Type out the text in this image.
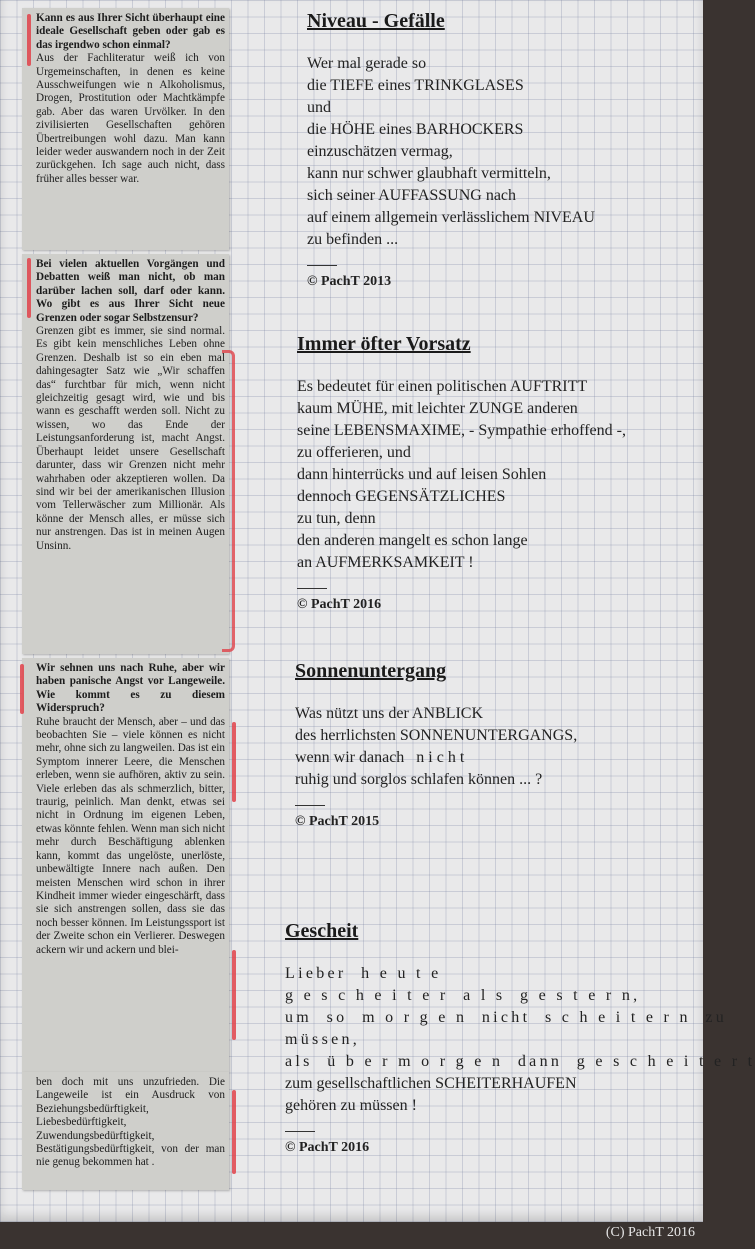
Kann es aus Ihrer Sicht überhaupt eine ideale Gesellschaft geben oder gab es das irgendwo schon einmal?

Aus der Fachliteratur weiß ich von Urgemeinschaften, in denen es keine Ausschweifungen wie n Alkoholismus, Drogen, Prostitution oder Machtkämpfe gab. Aber das waren Urvölker. In den zivilisierten Gesellschaften gehören Übertreibungen wohl dazu. Man kann leider weder auswandern noch in der Zeit zurückgehen. Ich sage auch nicht, dass früher alles besser war.

Bei vielen aktuellen Vorgängen und Debatten weiß man nicht, ob man darüber lachen soll, darf oder kann. Wo gibt es aus Ihrer Sicht neue Grenzen oder sogar Selbstzensur?

Grenzen gibt es immer, sie sind normal. Es gibt kein menschliches Leben ohne Grenzen. Deshalb ist so ein eben mal dahingesagter Satz wie „Wir schaffen das“ furchtbar für mich, wenn nicht gleichzeitig gesagt wird, wie und bis wann es geschafft werden soll. Nicht zu wissen, wo das Ende der Leistungsanforderung ist, macht Angst. Überhaupt leidet unsere Gesellschaft darunter, dass wir Grenzen nicht mehr wahrhaben oder akzeptieren wollen. Da sind wir bei der amerikanischen Illusion vom Tellerwäscher zum Millionär. Als könne der Mensch alles, er müsse sich nur anstrengen. Das ist in meinen Augen Unsinn.

Wir sehnen uns nach Ruhe, aber wir haben panische Angst vor Langeweile. Wie kommt es zu diesem Widerspruch?

Ruhe braucht der Mensch, aber – und das beobachten Sie – viele können es nicht mehr, ohne sich zu langweilen. Das ist ein Symptom innerer Leere, die Menschen erleben, wenn sie aufhören, aktiv zu sein. Viele erleben das als schmerzlich, bitter, traurig, peinlich. Man denkt, etwas sei nicht in Ordnung im eigenen Leben, etwas könnte fehlen. Wenn man sich nicht mehr durch Beschäftigung ablenken kann, kommt das ungelöste, unerlöste, unbewältigte Innere nach außen. Den meisten Menschen wird schon in ihrer Kindheit immer wieder eingeschärft, dass sie sich anstrengen sollen, dass sie das noch besser können. Im Leistungssport ist der Zweite schon ein Verlierer. Deswegen ackern wir und ackern und blei-

ben doch mit uns unzufrieden. Die Langeweile ist ein Ausdruck von Beziehungsbedürftigkeit, Liebesbedürftigkeit, Zuwendungsbedürftigkeit, Bestätigungsbedürftigkeit, von der man nie genug bekommen hat .

Niveau - Gefälle
Wer mal gerade so
die TIEFE eines TRINKGLASES
und
die HÖHE eines BARHOCKERS
einzuschätzen vermag,
kann nur schwer glaubhaft vermitteln,
sich seiner AUFFASSUNG nach
auf einem allgemein verlässlichem NIVEAU
zu befinden ...
© PachT 2013
Immer öfter Vorsatz
Es bedeutet für einen politischen AUFTRITT
kaum MÜHE, mit leichter ZUNGE anderen
seine LEBENSMAXIME, - Sympathie erhoffend -,
zu offerieren, und
dann hinterrücks und auf leisen Sohlen
dennoch GEGENSÄTZLICHES
zu tun, denn
den anderen mangelt es schon lange
an AUFMERKSAMKEIT !
© PachT 2016
Sonnenuntergang
Was nützt uns der ANBLICK
des herrlichsten SONNENUNTERGANGS,
wenn wir danach   n i c h t
ruhig und sorglos schlafen können ... ?
© PachT 2015
Gescheit
Lieber  h e u t e
g e s c h e i t e r  a l s  g e s t e r n,
um  so  m o r g e n  nicht  s c h e i t e r n  zu
müssen,
als  ü b e r m o r g e n  dann  g e s c h e i t e r t
zum gesellschaftlichen SCHEITERHAUFEN
gehören zu müssen !
© PachT 2016
(C) PachT 2016
